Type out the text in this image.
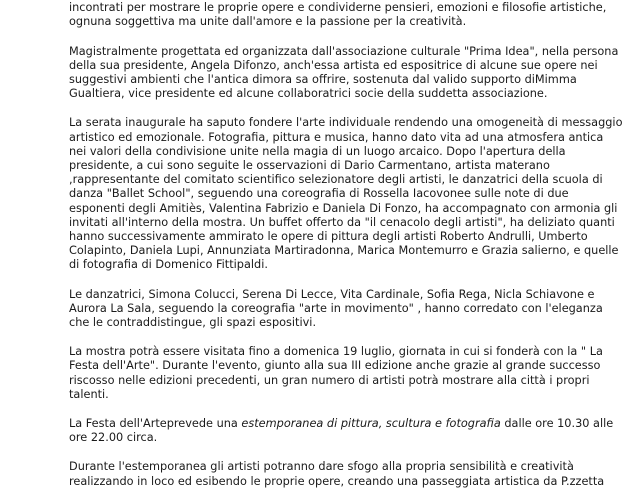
incontrati per mostrare le proprie opere e condividerne pensieri, emozioni e filosofie artistiche,
ognuna soggettiva ma unite dall'amore e la passione per la creatività.

Magistralmente progettata ed organizzata dall'associazione culturale "Prima Idea", nella persona
della sua presidente, Angela Difonzo, anch'essa artista ed espositrice di alcune sue opere nei
suggestivi ambienti che l'antica dimora sa offrire, sostenuta dal valido supporto diMimma
Gualtiera, vice presidente ed alcune collaboratrici socie della suddetta associazione.

La serata inaugurale ha saputo fondere l'arte individuale rendendo una omogeneità di messaggio
artistico ed emozionale. Fotografia, pittura e musica, hanno dato vita ad una atmosfera antica
nei valori della condivisione unite nella magia di un luogo arcaico. Dopo l'apertura della
presidente, a cui sono seguite le osservazioni di Dario Carmentano, artista materano
,rappresentante del comitato scientifico selezionatore degli artisti, le danzatrici della scuola di
danza "Ballet School", seguendo una coreografia di Rossella Iacovonee sulle note di due
esponenti degli Amitiès, Valentina Fabrizio e Daniela Di Fonzo, ha accompagnato con armonia gli
invitati all'interno della mostra. Un buffet offerto da "il cenacolo degli artisti", ha deliziato quanti
hanno successivamente ammirato le opere di pittura degli artisti Roberto Andrulli, Umberto
Colapinto, Daniela Lupi, Annunziata Martiradonna, Marica Montemurro e Grazia salierno, e quelle
di fotografia di Domenico Fittipaldi.

Le danzatrici, Simona Colucci, Serena Di Lecce, Vita Cardinale, Sofia Rega, Nicla Schiavone e
Aurora La Sala, seguendo la coreografia "arte in movimento" , hanno corredato con l'eleganza
che le contraddistingue, gli spazi espositivi.

La mostra potrà essere visitata fino a domenica 19 luglio, giornata in cui si fonderà con la " La
Festa dell'Arte". Durante l'evento, giunto alla sua III edizione anche grazie al grande successo
riscosso nelle edizioni precedenti, un gran numero di artisti potrà mostrare alla città i propri
talenti.

La Festa dell'Arteprevede una estemporanea di pittura, scultura e fotografia dalle ore 10.30 alle
ore 22.00 circa.

Durante l'estemporanea gli artisti potranno dare sfogo alla propria sensibilità e creatività
realizzando in loco ed esibendo le proprie opere, creando una passeggiata artistica da P.zzetta
